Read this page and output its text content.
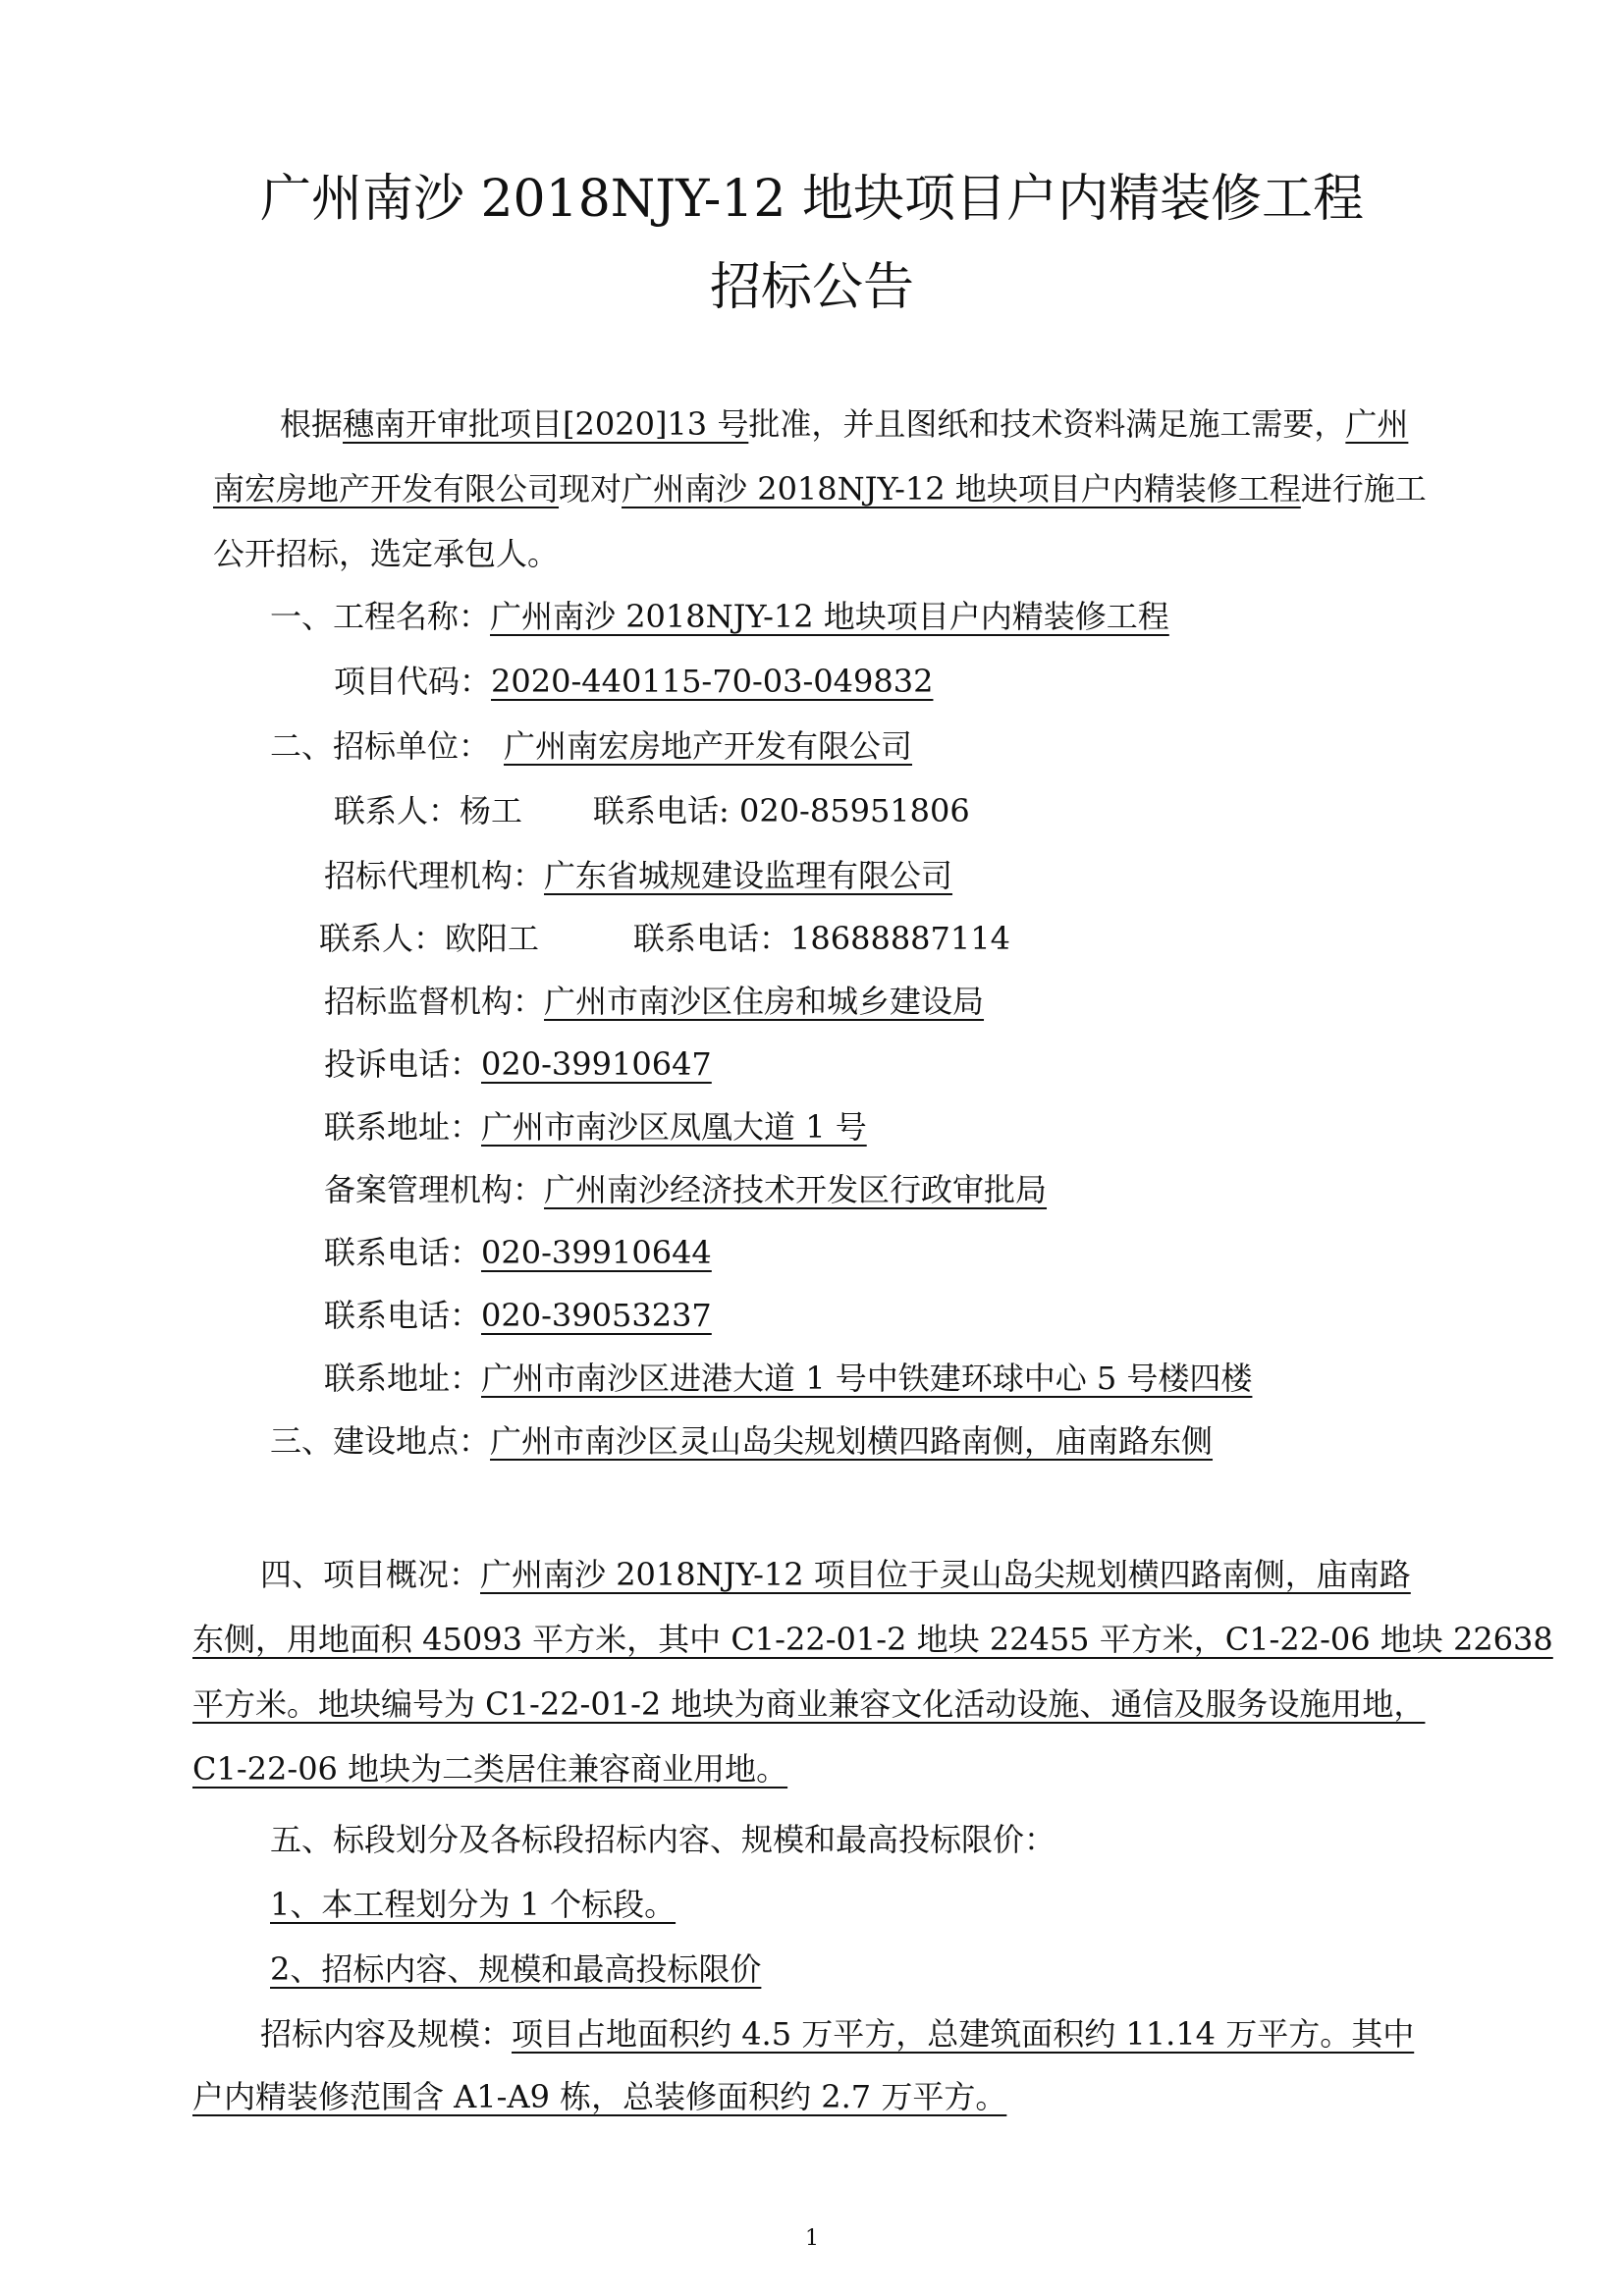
广州南沙 2018NJY-12 地块项目户内精装修工程
招标公告
根据穗南开审批项目[2020]13 号批准，并且图纸和技术资料满足施工需要，广州
南宏房地产开发有限公司现对广州南沙 2018NJY-12 地块项目户内精装修工程进行施工
公开招标，选定承包人。
一、工程名称：广州南沙 2018NJY-12 地块项目户内精装修工程
项目代码：2020-440115-70-03-049832
二、招标单位： 广州南宏房地产开发有限公司
联系人：杨工 联系电话: 020-85951806
招标代理机构：广东省城规建设监理有限公司
联系人：欧阳工	联系电话：18688887114
招标监督机构：广州市南沙区住房和城乡建设局
投诉电话：020-39910647
联系地址：广州市南沙区凤凰大道 1 号
备案管理机构：广州南沙经济技术开发区行政审批局
联系电话：020-39910644
联系电话：020-39053237
联系地址：广州市南沙区进港大道 1 号中铁建环球中心 5 号楼四楼
三、建设地点：广州市南沙区灵山岛尖规划横四路南侧，庙南路东侧
四、项目概况：广州南沙 2018NJY-12 项目位于灵山岛尖规划横四路南侧，庙南路
东侧，用地面积 45093 平方米，其中 C1-22-01-2 地块 22455 平方米，C1-22-06 地块 22638
平方米。地块编号为 C1-22-01-2 地块为商业兼容文化活动设施、通信及服务设施用地，
C1-22-06 地块为二类居住兼容商业用地。
五、标段划分及各标段招标内容、规模和最高投标限价：
1、本工程划分为 1 个标段。
2、招标内容、规模和最高投标限价
招标内容及规模：项目占地面积约 4.5 万平方，总建筑面积约 11.14 万平方。其中
户内精装修范围含 A1-A9 栋，总装修面积约 2.7 万平方。
1
